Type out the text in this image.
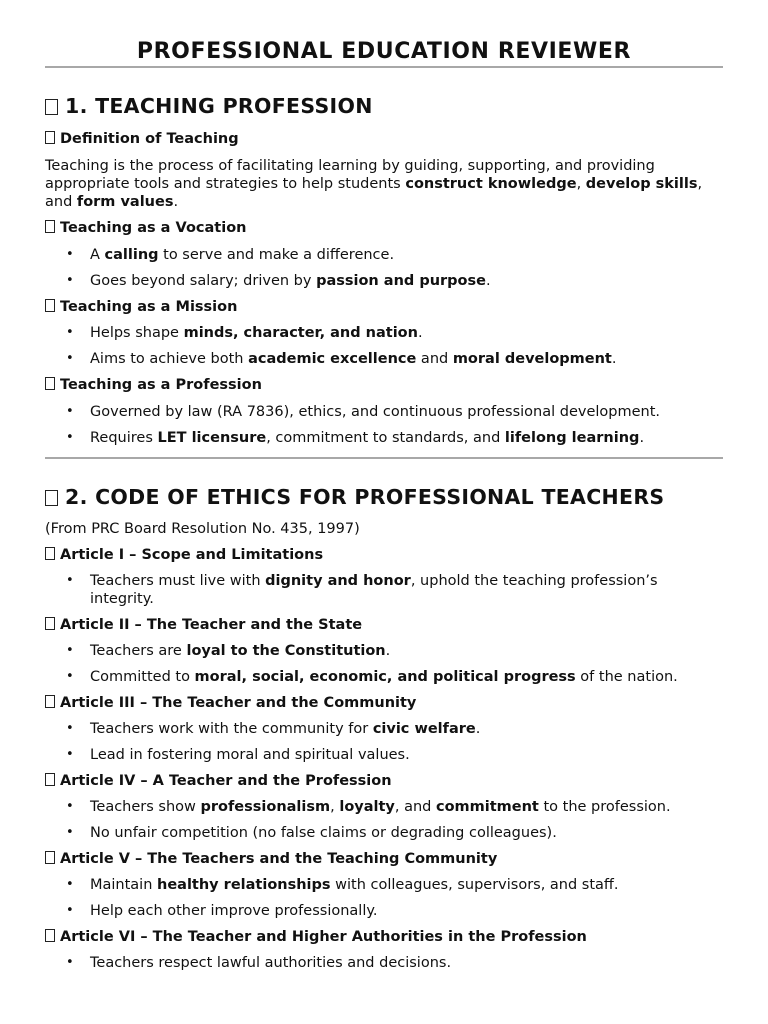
PROFESSIONAL EDUCATION REVIEWER
1. TEACHING PROFESSION

Definition of Teaching

Teaching is the process of facilitating learning by guiding, supporting, and providing appropriate tools and strategies to help students construct knowledge, develop skills, and form values.

Teaching as a Vocation

• A calling to serve and make a difference.
• Goes beyond salary; driven by passion and purpose.

Teaching as a Mission

• Helps shape minds, character, and nation.
• Aims to achieve both academic excellence and moral development.

Teaching as a Profession

• Governed by law (RA 7836), ethics, and continuous professional development.
• Requires LET licensure, commitment to standards, and lifelong learning.
2. CODE OF ETHICS FOR PROFESSIONAL TEACHERS

(From PRC Board Resolution No. 435, 1997)

Article I – Scope and Limitations

• Teachers must live with dignity and honor, uphold the teaching profession’s integrity.

Article II – The Teacher and the State

• Teachers are loyal to the Constitution.
• Committed to moral, social, economic, and political progress of the nation.

Article III – The Teacher and the Community

• Teachers work with the community for civic welfare.
• Lead in fostering moral and spiritual values.

Article IV – A Teacher and the Profession

• Teachers show professionalism, loyalty, and commitment to the profession.
• No unfair competition (no false claims or degrading colleagues).

Article V – The Teachers and the Teaching Community

• Maintain healthy relationships with colleagues, supervisors, and staff.
• Help each other improve professionally.

Article VI – The Teacher and Higher Authorities in the Profession

• Teachers respect lawful authorities and decisions.
